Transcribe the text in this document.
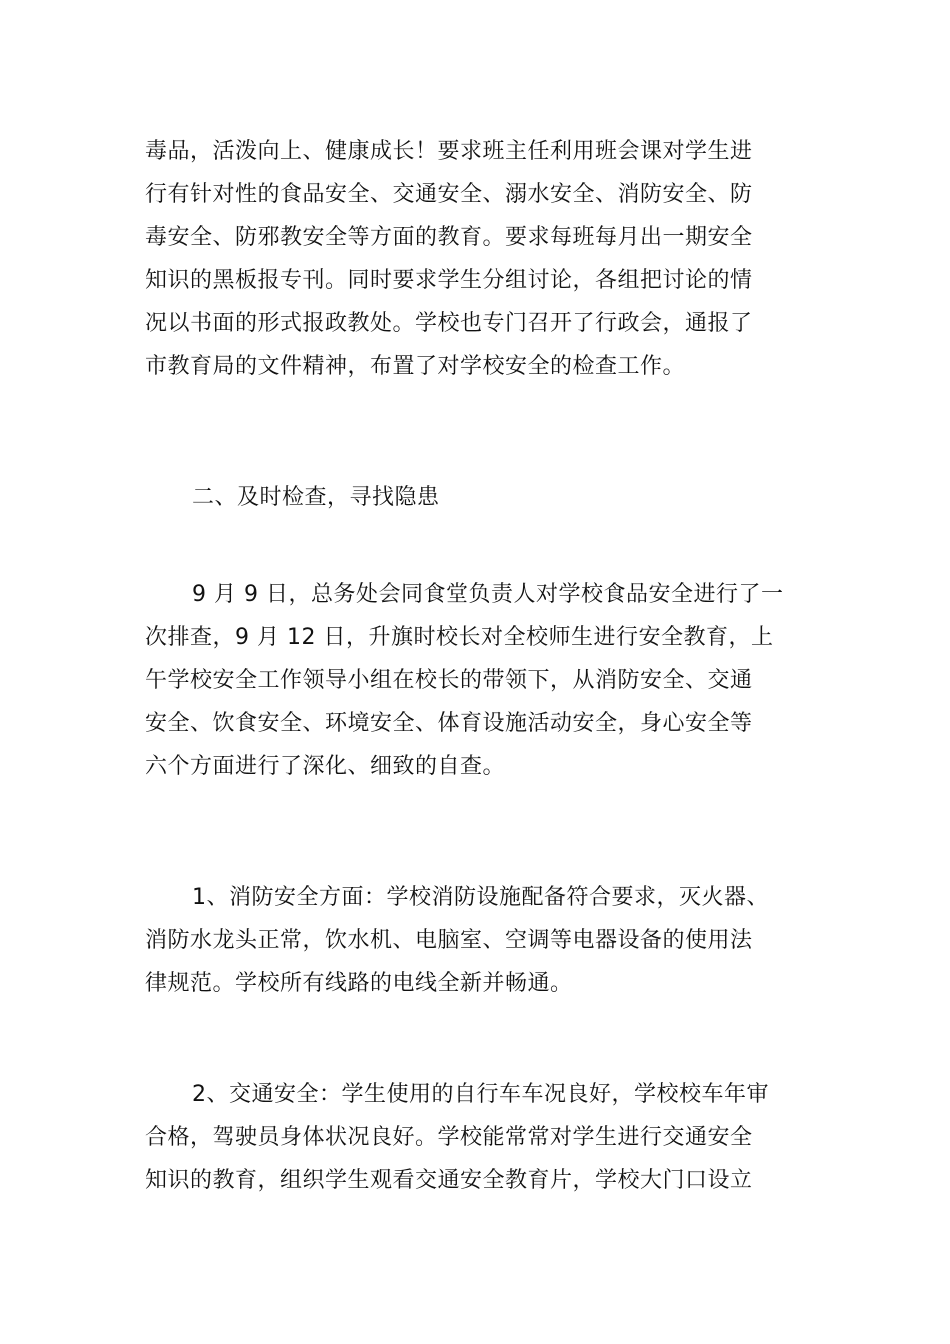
毒品，活泼向上、健康成长！要求班主任利用班会课对学生进
行有针对性的食品安全、交通安全、溺水安全、消防安全、防
毒安全、防邪教安全等方面的教育。要求每班每月出一期安全
知识的黑板报专刊。同时要求学生分组讨论，各组把讨论的情
况以书面的形式报政教处。学校也专门召开了行政会，通报了
市教育局的文件精神，布置了对学校安全的检查工作。
二、及时检查，寻找隐患
9 月 9 日，总务处会同食堂负责人对学校食品安全进行了一
次排查，9 月 12 日，升旗时校长对全校师生进行安全教育，上
午学校安全工作领导小组在校长的带领下，从消防安全、交通
安全、饮食安全、环境安全、体育设施活动安全，身心安全等
六个方面进行了深化、细致的自查。
1、消防安全方面：学校消防设施配备符合要求，灭火器、
消防水龙头正常，饮水机、电脑室、空调等电器设备的使用法
律规范。学校所有线路的电线全新并畅通。
2、交通安全：学生使用的自行车车况良好，学校校车年审
合格，驾驶员身体状况良好。学校能常常对学生进行交通安全
知识的教育，组织学生观看交通安全教育片，学校大门口设立
